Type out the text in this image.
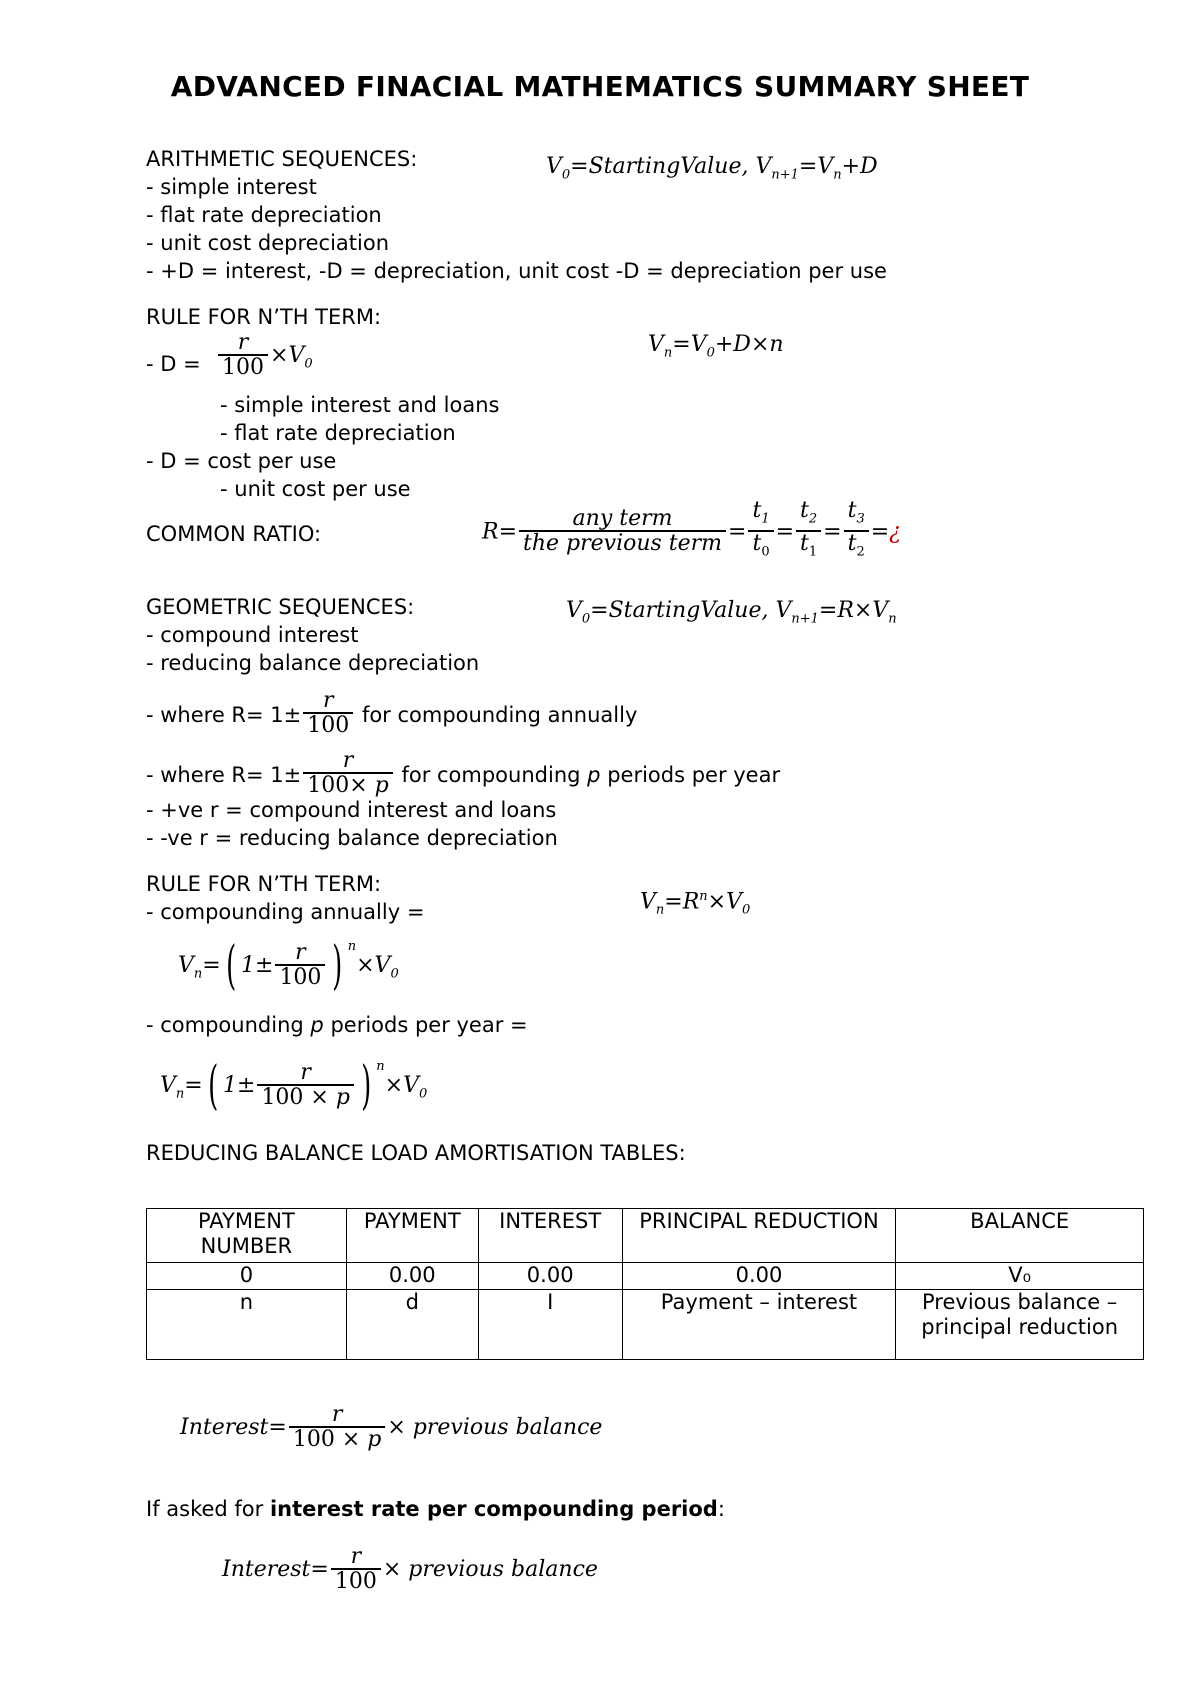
ADVANCED FINACIAL MATHEMATICS SUMMARY SHEET
ARITHMETIC SEQUENCES:
- simple interest
- flat rate depreciation
- unit cost depreciation
- +D = interest, -D = depreciation, unit cost -D = depreciation per use
$V_0=StartingValue$, $V_{n+1}=V_n+D$
RULE FOR N’TH TERM:
- $D = \frac{r}{100} \times V_0$
$V_n=V_0+D\times n$
- simple interest and loans
- flat rate depreciation
- D = cost per use
- unit cost per use
COMMON RATIO:	$R= \frac{\text{any term}}{\text{the previous term}} = \frac{t_1}{t_0} = \frac{t_2}{t_1} = \frac{t_3}{t_2}$ =¿
GEOMETRIC SEQUENCES:	$V_0=StartingValue$, $V_{n+1}=R\times V_n$
- compound interest
- reducing balance depreciation
- where $R= 1\pm \frac{r}{100}$ for compounding annually
- where $R= 1\pm \frac{r}{100\times p}$ for compounding p periods per year
- +ve r = compound interest and loans
- -ve r = reducing balance depreciation
RULE FOR N’TH TERM:
$V_n=R^n\times V_0$
- compounding annually =
$V_n=$( $1\pm \frac{r}{100}$ ) $^n\times V_0$
- compounding p periods per year =
$V_n=$( $1\pm \frac{r}{100 \times p}$ ) $^n\times V_0$
REDUCING BALANCE LOAD AMORTISATION TABLES:
PAYMENT NUMBER	PAYMENT	INTEREST	PRINCIPAL REDUCTION	BALANCE
0	0.00	0.00	0.00	V₀
n	d	I	Payment – interest	Previous balance – principal reduction
Interest= $\frac{r}{100 \times p}$ × previous balance
If asked for interest rate per compounding period:
Interest= $\frac{r}{100}$ × previous balance
